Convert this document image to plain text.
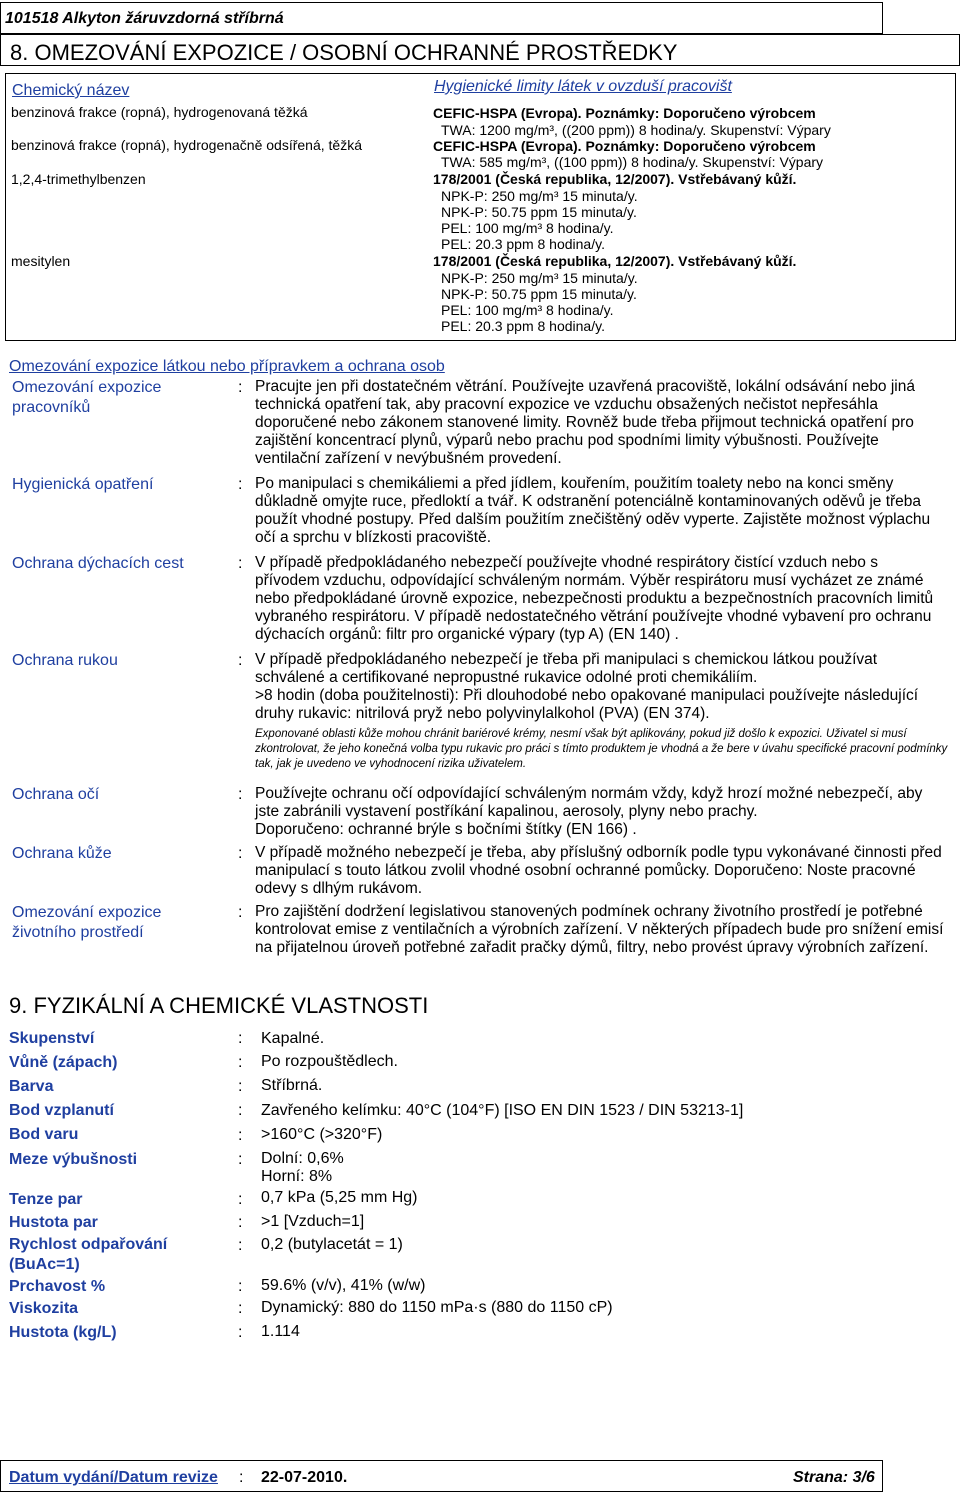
101518 Alkyton žáruvzdorná stříbrná
8. OMEZOVÁNÍ EXPOZICE / OSOBNÍ OCHRANNÉ PROSTŘEDKY
Chemický název	Hygienické limity látek v ovzduší pracovišt
benzinová frakce (ropná), hydrogenovaná těžká	CEFIC-HSPA (Evropa). Poznámky: Doporučeno výrobcem
TWA: 1200 mg/m³, ((200 ppm)) 8 hodina/y. Skupenství: Výpary
benzinová frakce (ropná), hydrogenačně odsířená, těžká	CEFIC-HSPA (Evropa). Poznámky: Doporučeno výrobcem
TWA: 585 mg/m³, ((100 ppm)) 8 hodina/y. Skupenství: Výpary
1,2,4-trimethylbenzen	178/2001 (Česká republika, 12/2007). Vstřebávaný kůží.
NPK-P: 250 mg/m³ 15 minuta/y.
NPK-P: 50.75 ppm 15 minuta/y.
PEL: 100 mg/m³ 8 hodina/y.
PEL: 20.3 ppm 8 hodina/y.
mesitylen	178/2001 (Česká republika, 12/2007). Vstřebávaný kůží.
NPK-P: 250 mg/m³ 15 minuta/y.
NPK-P: 50.75 ppm 15 minuta/y.
PEL: 100 mg/m³ 8 hodina/y.
PEL: 20.3 ppm 8 hodina/y.
Omezování expozice látkou nebo přípravkem a ochrana osob
Omezování expozice pracovníků
: Pracujte jen při dostatečném větrání. Používejte uzavřená pracoviště, lokální odsávání nebo jiná technická opatření tak, aby pracovní expozice ve vzduchu obsažených nečistot nepřesáhla doporučené nebo zákonem stanovené limity. Rovněž bude třeba přijmout technická opatření pro zajištění koncentrací plynů, výparů nebo prachu pod spodními limity výbušnosti. Používejte ventilační zařízení v nevýbušném provedení.
Hygienická opatření	: Po manipulaci s chemikáliemi a před jídlem, kouřením, použitím toalety nebo na konci směny důkladně omyjte ruce, předloktí a tvář. K odstranění potenciálně kontaminovaných oděvů je třeba použít vhodné postupy. Před dalším použitím znečištěný oděv vyperte. Zajistěte možnost výplachu očí a sprchu v blízkosti pracoviště.
Ochrana dýchacích cest	: V případě předpokládaného nebezpečí používejte vhodné respirátory čistící vzduch nebo s přívodem vzduchu, odpovídající schváleným normám. Výběr respirátoru musí vycházet ze známé nebo předpokládané úrovně expozice, nebezpečnosti produktu a bezpečnostních pracovních limitů vybraného respirátoru. V případě nedostatečného větrání používejte vhodné vybavení pro ochranu dýchacích orgánů: filtr pro organické výpary (typ A) (EN 140) .
Ochrana rukou	: V případě předpokládaného nebezpečí je třeba při manipulaci s chemickou látkou používat schválené a certifikované nepropustné rukavice odolné proti chemikáliím.
>8 hodin (doba použitelnosti): Při dlouhodobé nebo opakované manipulaci používejte následující druhy rukavic: nitrilová pryž nebo polyvinylalkohol (PVA) (EN 374).
Exponované oblasti kůže mohou chránit bariérové krémy, nesmí však být aplikovány, pokud již došlo k expozici. Uživatel si musí zkontrolovat, že jeho konečná volba typu rukavic pro práci s tímto produktem je vhodná a že bere v úvahu specifické pracovní podmínky tak, jak je uvedeno ve vyhodnocení rizika uživatelem.
Ochrana očí	: Používejte ochranu očí odpovídající schváleným normám vždy, když hrozí možné nebezpečí, aby jste zabránili vystavení postříkání kapalinou, aerosoly, plyny nebo prachy.
Doporučeno: ochranné brýle s bočními štítky (EN 166) .
Ochrana kůže	: V případě možného nebezpečí je třeba, aby příslušný odborník podle typu vykonávané činnosti před manipulací s touto látkou zvolil vhodné osobní ochranné pomůcky. Doporučeno: Noste pracovné odevy s dlhým rukávom.
Omezování expozice životního prostředí
: Pro zajištění dodržení legislativou stanovených podmínek ochrany životního prostředí je potřebné kontrolovat emise z ventilačních a výrobních zařízení. V některých případech bude pro snížení emisí na přijatelnou úroveň potřebné zařadit pračky dýmů, filtry, nebo provést úpravy výrobních zařízení.
9. FYZIKÁLNÍ A CHEMICKÉ VLASTNOSTI
Skupenství	: Kapalné.
Vůně (zápach)	: Po rozpouštědlech.
Barva	: Stříbrná.
Bod vzplanutí	: Zavřeného kelímku: 40°C (104°F) [ISO EN DIN 1523 / DIN 53213-1]
Bod varu	: >160°C (>320°F)
Meze výbušnosti	: Dolní: 0,6%
Horní: 8%
Tenze par	: 0,7 kPa (5,25 mm Hg)
Hustota par	: >1 [Vzduch=1]
Rychlost odpařování (BuAc=1)
: 0,2 (butylacetát = 1)
Prchavost %	: 59.6% (v/v), 41% (w/w)
Viskozita	: Dynamický: 880 do 1150 mPa·s (880 do 1150 cP)
Hustota (kg/L)	: 1.114
Datum vydání/Datum revize : 22-07-2010.	Strana: 3/6
